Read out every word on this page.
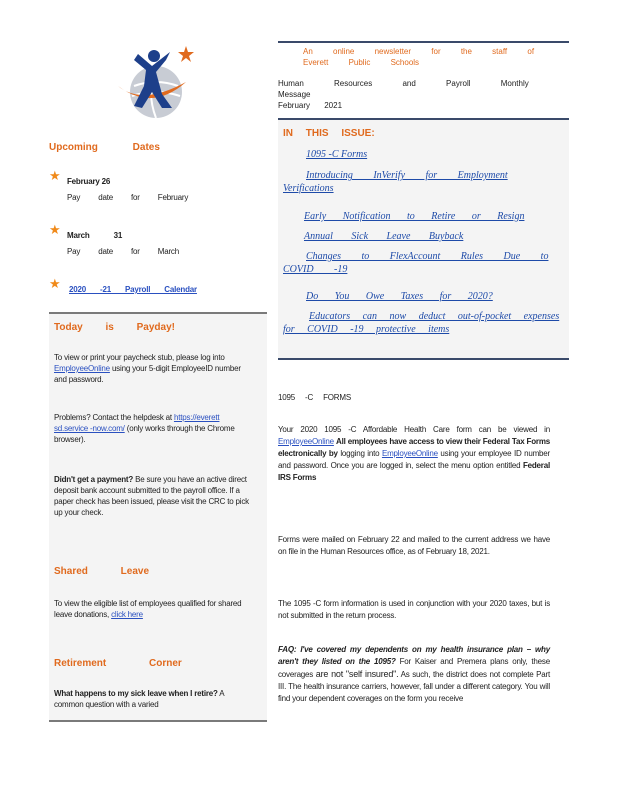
Upcoming Dates
★ February 26
Pay date for February
★ March 31
Pay date for March
★ 2020 -21 Payroll Calendar
Today is Payday!
To view or print your paycheck stub, please log into EmployeeOnline using your 5-digit EmployeeID number and password.
Problems? Contact the helpdesk at https://everett sd.service -now.com/ (only works through the Chrome browser).
Didn't get a payment? Be sure you have an active direct deposit bank account submitted to the payroll office. If a paper check has been issued, please visit the CRC to pick up your check.
Shared Leave
To view the eligible list of employees qualified for shared leave donations, click here
Retirement Corner
What happens to my sick leave when I retire? A common question with a varied
An online newsletter for the staff of Everett Public Schools
Human Resources and Payroll Monthly Message
February 2021
IN THIS ISSUE:
1095 -C Forms
Introducing InVerify for Employment Verifications
Early Notification to Retire or Resign
Annual Sick Leave Buyback
Changes to FlexAccount Rules Due to COVID -19
Do You Owe Taxes for 2020?
Educators can now deduct out-of-pocket expenses for COVID -19 protective items
1095 -C FORMS
Your 2020 1095 -C Affordable Health Care form can be viewed in EmployeeOnline All employees have access to view their Federal Tax Forms electronically by logging into EmployeeOnline using your employee ID number and password. Once you are logged in, select the menu option entitled Federal IRS Forms
Forms were mailed on February 22 and mailed to the current address we have on file in the Human Resources office, as of February 18, 2021.
The 1095 -C form information is used in conjunction with your 2020 taxes, but is not submitted in the return process.
FAQ: I've covered my dependents on my health insurance plan – why aren't they listed on the 1095? For Kaiser and Premera plans only, these coverages are not "self insured". As such, the district does not complete Part III. The health insurance carriers, however, fall under a different category. You will find your dependent coverages on the form you receive
